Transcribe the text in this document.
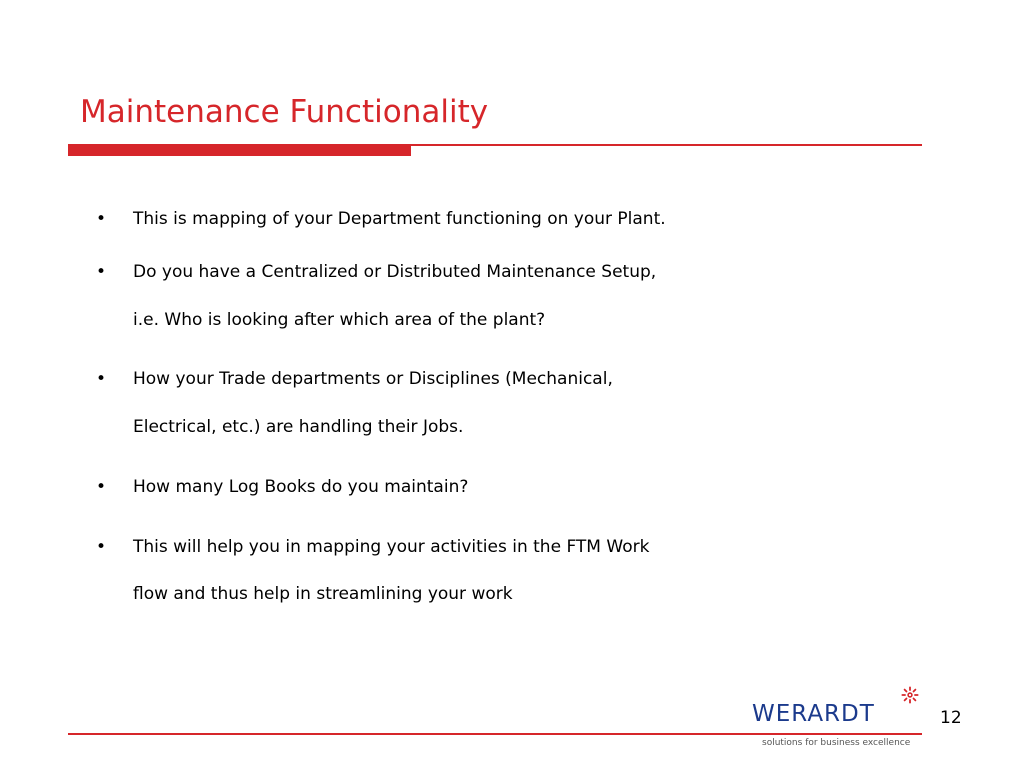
Maintenance Functionality
• This is mapping of your Department functioning on your Plant.
• Do you have a Centralized or Distributed Maintenance Setup,
i.e. Who is looking after which area of the plant?
• How your Trade departments or Disciplines (Mechanical,
Electrical, etc.) are handling their Jobs.
• How many Log Books do you maintain?
• This will help you in mapping your activities in the FTM Work
flow and thus help in streamlining your work
WERARDT
solutions for business excellence
12
